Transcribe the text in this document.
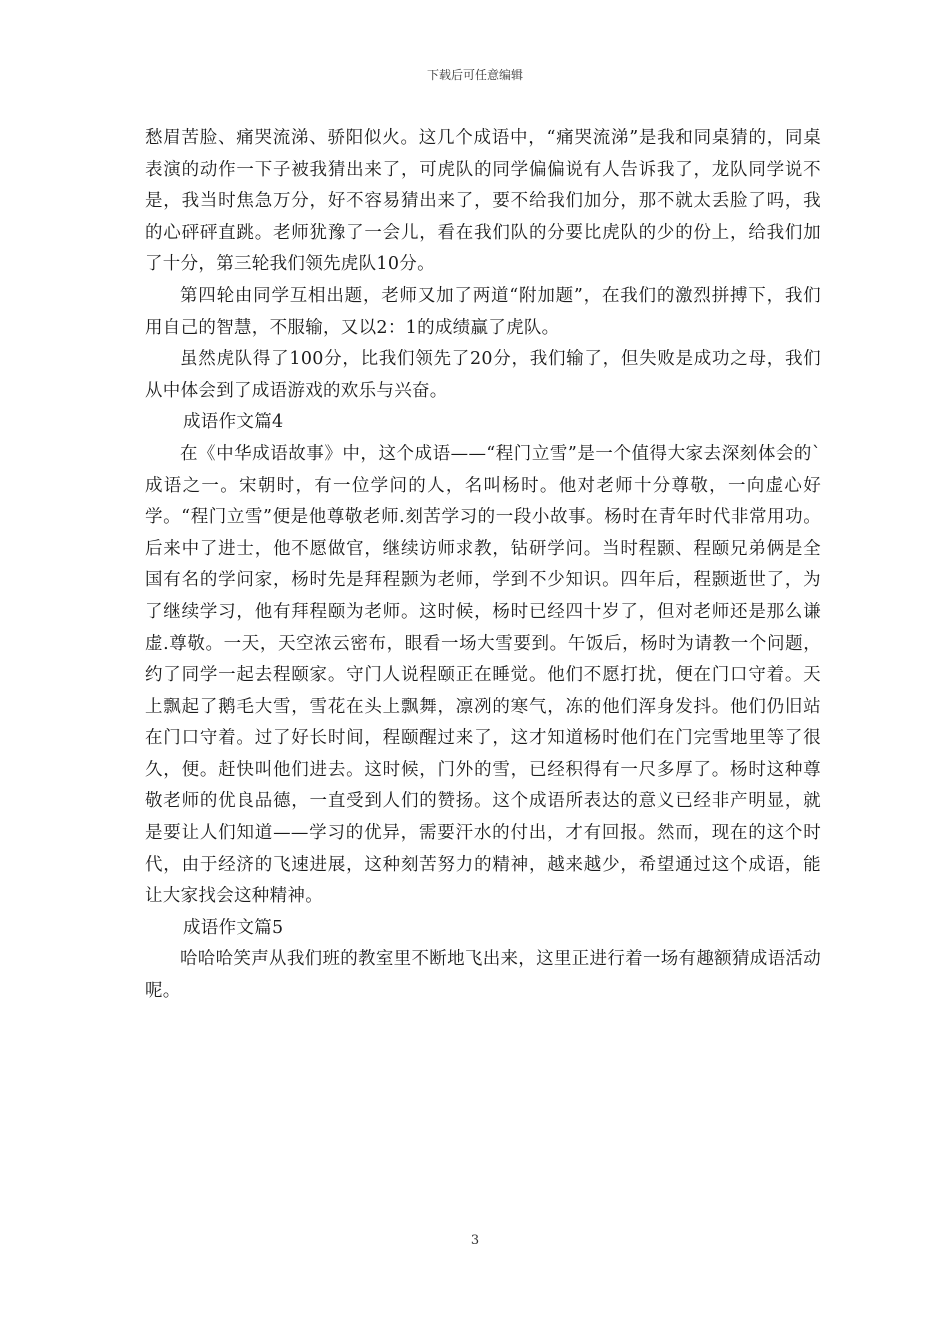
下载后可任意编辑

愁眉苦脸、痛哭流涕、骄阳似火。这几个成语中，“痛哭流涕”是我和同桌猜的，同桌表演的动作一下子被我猜出来了，可虎队的同学偏偏说有人告诉我了，龙队同学说不是，我当时焦急万分，好不容易猜出来了，要不给我们加分，那不就太丢脸了吗，我的心砰砰直跳。老师犹豫了一会儿，看在我们队的分要比虎队的少的份上，给我们加了十分，第三轮我们领先虎队10分。

第四轮由同学互相出题，老师又加了两道“附加题”，在我们的激烈拼搏下，我们用自己的智慧，不服输，又以2：1的成绩赢了虎队。

虽然虎队得了100分，比我们领先了20分，我们输了，但失败是成功之母，我们从中体会到了成语游戏的欢乐与兴奋。

成语作文篇4

在《中华成语故事》中，这个成语——“程门立雪”是一个值得大家去深刻体会的`成语之一。宋朝时，有一位学问的人，名叫杨时。他对老师十分尊敬，一向虚心好学。“程门立雪”便是他尊敬老师.刻苦学习的一段小故事。杨时在青年时代非常用功。后来中了进士，他不愿做官，继续访师求教，钻研学问。当时程颢、程颐兄弟俩是全国有名的学问家，杨时先是拜程颢为老师，学到不少知识。四年后，程颢逝世了，为了继续学习，他有拜程颐为老师。这时候，杨时已经四十岁了，但对老师还是那么谦虚.尊敬。一天，天空浓云密布，眼看一场大雪要到。午饭后，杨时为请教一个问题，约了同学一起去程颐家。守门人说程颐正在睡觉。他们不愿打扰，便在门口守着。天上飘起了鹅毛大雪，雪花在头上飘舞，凛冽的寒气，冻的他们浑身发抖。他们仍旧站在门口守着。过了好长时间，程颐醒过来了，这才知道杨时他们在门完雪地里等了很久，便。赶快叫他们进去。这时候，门外的雪，已经积得有一尺多厚了。杨时这种尊敬老师的优良品德，一直受到人们的赞扬。这个成语所表达的意义已经非产明显，就是要让人们知道——学习的优异，需要汗水的付出，才有回报。然而，现在的这个时代，由于经济的飞速进展，这种刻苦努力的精神，越来越少，希望通过这个成语，能让大家找会这种精神。

成语作文篇5

哈哈哈笑声从我们班的教室里不断地飞出来，这里正进行着一场有趣额猜成语活动呢。

3
